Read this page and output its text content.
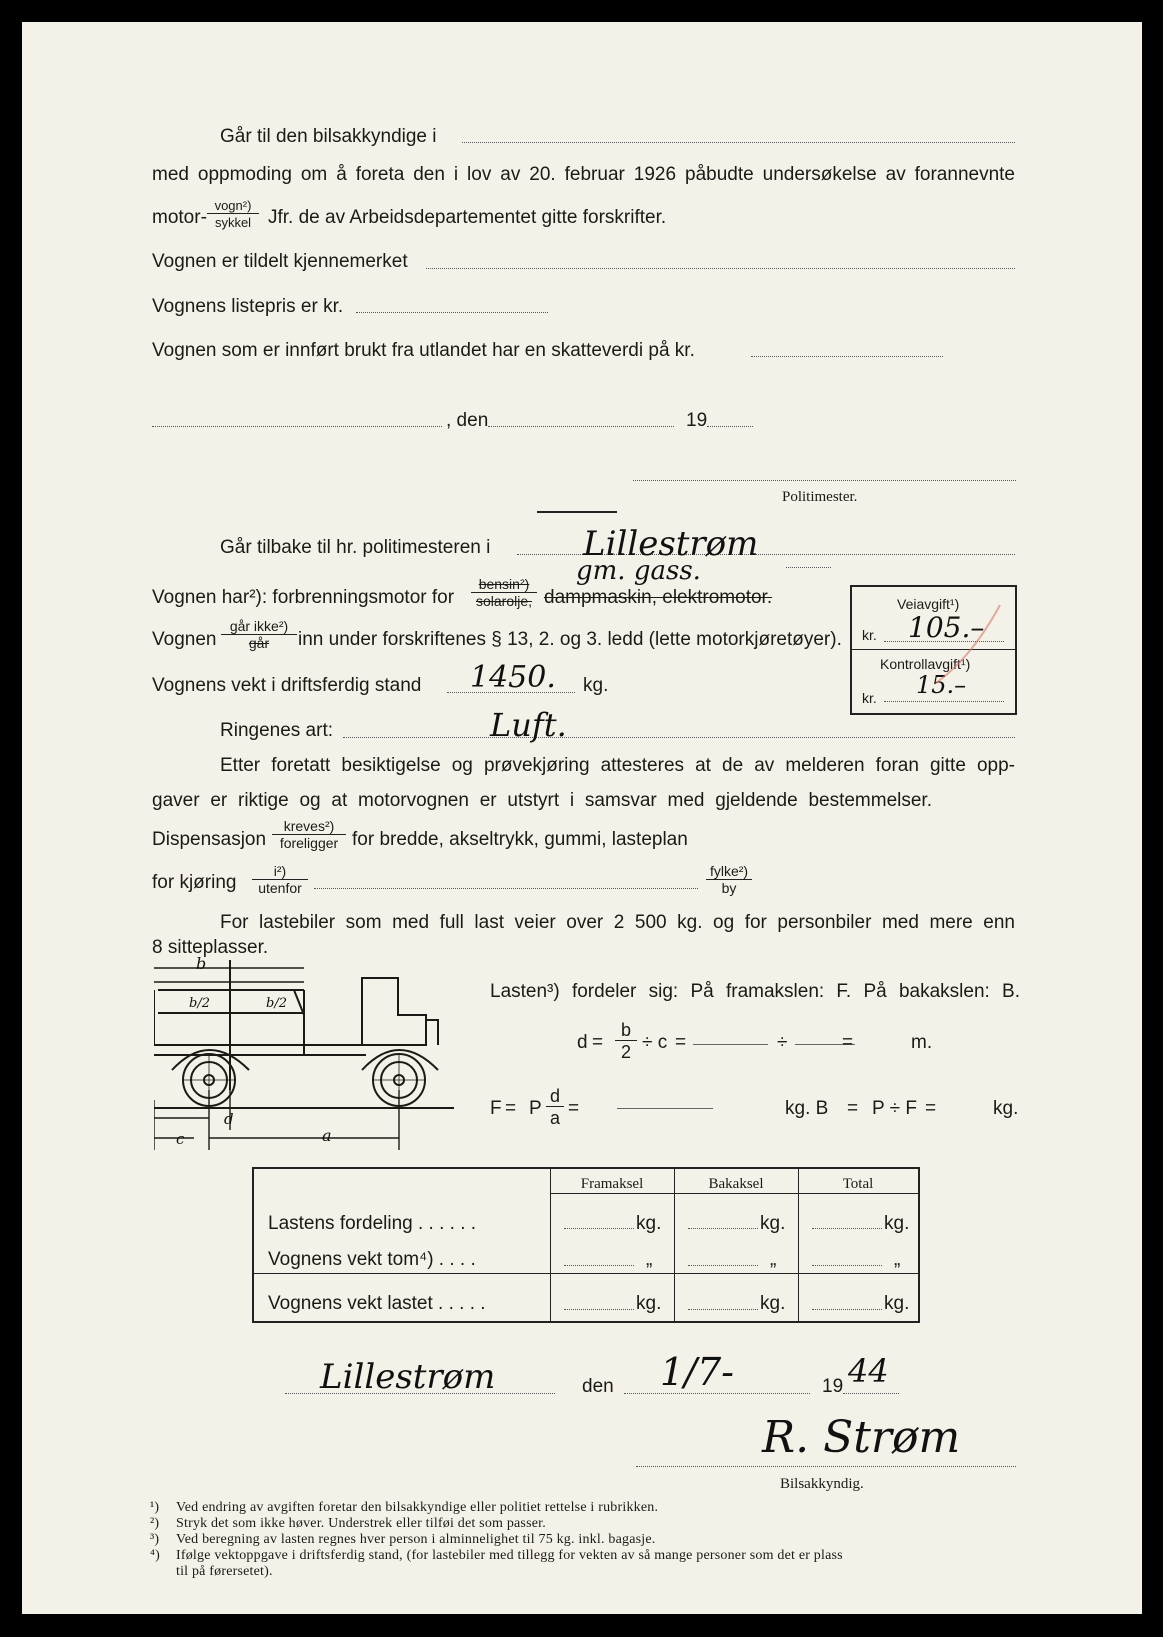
Går til den bilsakkyndige i
med oppmoding om å foreta den i lov av 20. februar 1926 påbudte undersøkelse av forannevnte
motor-
vogn²)
sykkel Jfr. de av Arbeidsdepartementet gitte forskrifter.
Vognen er tildelt kjennemerket
Vognens listepris er kr.
Vognen som er innført brukt fra utlandet har en skatteverdi på kr.
, den	19
Politimester.
Går tilbake til hr. politimesteren i	Lillestrøm
Vognen har²): forbrenningsmotor for
bensin²)
solarolje, dampmaskin, elektromotor.
gm. gass.
Vognen
går ikke²)
går	inn under forskriftenes § 13, 2. og 3. ledd (lette motorkjøretøyer).
Vognens vekt i driftsferdig stand 1450. kg.
Ringenes art:	Luft.
Etter foretatt besiktigelse og prøvekjøring attesteres at de av melderen foran gitte opp-
gaver er riktige og at motorvognen er utstyrt i samsvar med gjeldende bestemmelser.
Dispensasjon
kreves²)
foreligger for bredde, akseltrykk, gummi, lasteplan
for kjøring
i²)
utenfor
fylke²)
by
For lastebiler som med full last veier over 2 500 kg. og for personbiler med mere enn
8 sitteplasser.
Veiavgift¹)
kr. 105.–
Kontrollavgift¹)
kr. 15.–
b
b/2	b/2
d
c	a
Lasten³) fordeler sig: På framakslen: F. På bakakslen: B.
$d = \frac{b}{2} \div c$ =	÷	=	m.
F = P $\frac{d}{a}$ =	kg. B = P ÷ F =	kg.
Framaksel	Bakaksel	Total
Lastens fordeling . . . . . .	kg.	kg.	kg.
Vognens vekt tom⁴) . . . .	„	„	„
Vognens vekt lastet . . . . .	kg.	kg.	kg.
Lillestrøm	den 1/7-	19 44
R. Strøm
Bilsakkyndig.
¹) Ved endring av avgiften foretar den bilsakkyndige eller politiet rettelse i rubrikken.
²) Stryk det som ikke høver. Understrek eller tilføi det som passer.
³) Ved beregning av lasten regnes hver person i alminnelighet til 75 kg. inkl. bagasje.
⁴) Ifølge vektoppgave i driftsferdig stand, (for lastebiler med tillegg for vekten av så mange personer som det er plass
til på førersetet).
